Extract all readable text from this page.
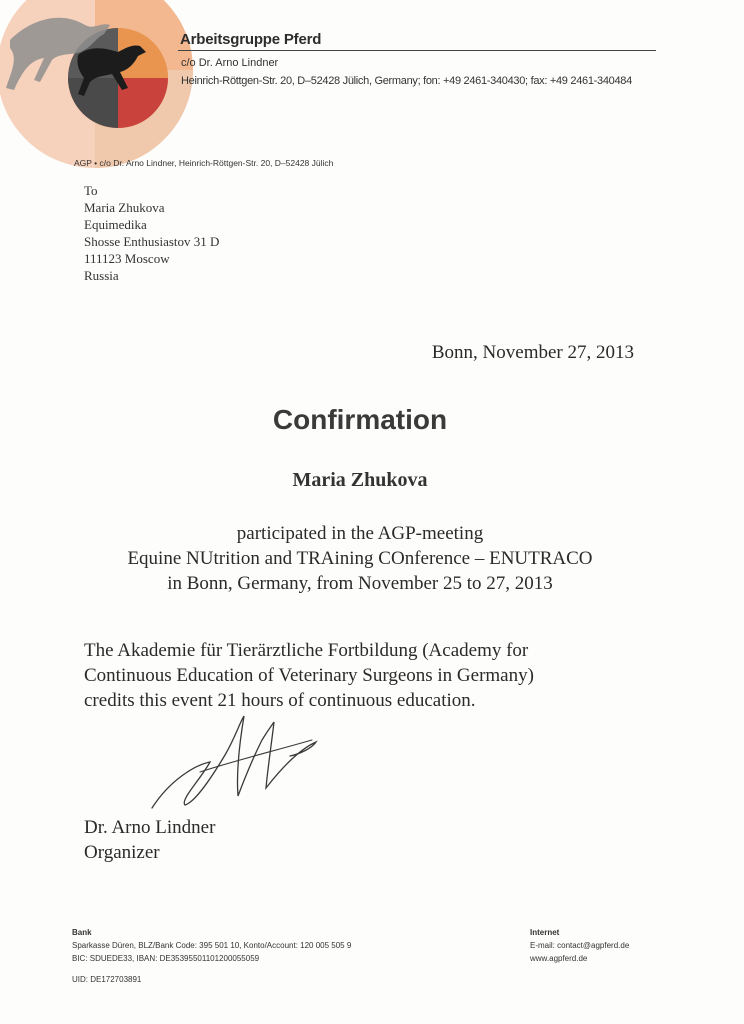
Arbeitsgruppe Pferd
c/o Dr. Arno Lindner
Heinrich-Röttgen-Str. 20, D–52428 Jülich, Germany; fon: +49 2461-340430; fax: +49 2461-340484
AGP • c/o Dr. Arno Lindner, Heinrich-Röttgen-Str. 20, D–52428 Jülich
To
Maria Zhukova
Equimedika
Shosse Enthusiastov 31 D
111123 Moscow
Russia
Bonn, November 27, 2013
Confirmation
Maria Zhukova
participated in the AGP-meeting
Equine NUtrition and TRAining COnference – ENUTRACO
in Bonn, Germany, from November 25 to 27, 2013
The Akademie für Tierärztliche Fortbildung (Academy for
Continuous Education of Veterinary Surgeons in Germany)
credits this event 21 hours of continuous education.
Dr. Arno Lindner
Organizer
Bank
Sparkasse Düren, BLZ/Bank Code: 395 501 10, Konto/Account: 120 005 505 9
BIC: SDUEDE33, IBAN: DE35395501101200055059
UID: DE172703891
Internet
E-mail: contact@agpferd.de
www.agpferd.de
